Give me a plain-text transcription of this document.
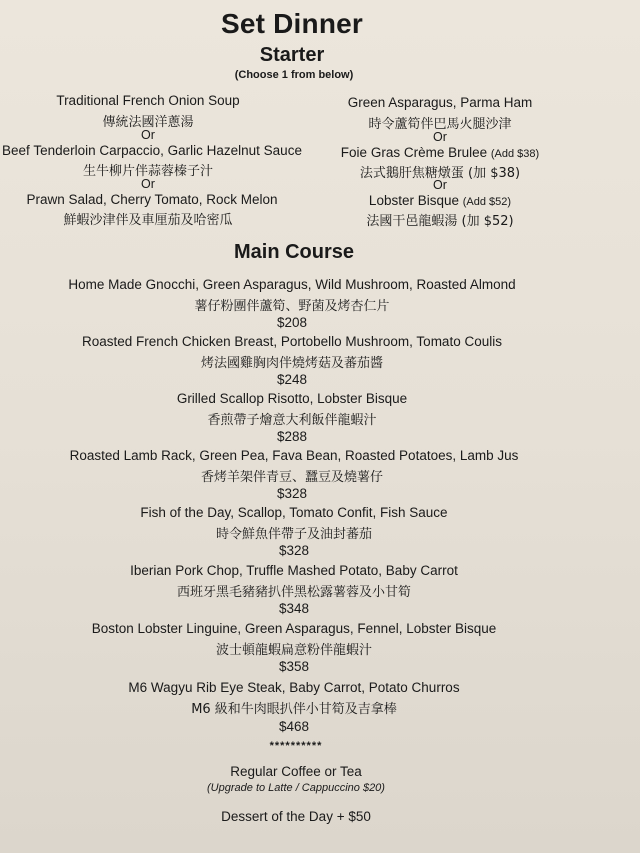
Set Dinner
Starter
(Choose 1 from below)
Traditional French Onion Soup
傳統法國洋蔥湯
Or
Beef Tenderloin Carpaccio, Garlic Hazelnut Sauce
生牛柳片伴蒜蓉榛子汁
Or
Prawn Salad, Cherry Tomato, Rock Melon
鮮蝦沙津伴及車厘茄及哈密瓜
Green Asparagus, Parma Ham
時令蘆筍伴巴馬火腿沙津
Or
Foie Gras Crème Brulee (Add $38)
法式鵝肝焦糖燉蛋 (加 $38)
Or
Lobster Bisque (Add $52)
法國干邑龍蝦湯 (加 $52)
Main Course
Home Made Gnocchi, Green Asparagus, Wild Mushroom, Roasted Almond
薯仔粉團伴蘆筍、野菌及烤杏仁片
$208
Roasted French Chicken Breast, Portobello Mushroom, Tomato Coulis
烤法國雞胸肉伴燒烤菇及蕃茄醬
$248
Grilled Scallop Risotto, Lobster Bisque
香煎帶子燴意大利飯伴龍蝦汁
$288
Roasted Lamb Rack, Green Pea, Fava Bean, Roasted Potatoes, Lamb Jus
香烤羊架伴青豆、蠶豆及燒薯仔
$328
Fish of the Day, Scallop, Tomato Confit, Fish Sauce
時令鮮魚伴帶子及油封蕃茄
$328
Iberian Pork Chop, Truffle Mashed Potato, Baby Carrot
西班牙黑毛豬豬扒伴黑松露薯蓉及小甘筍
$348
Boston Lobster Linguine, Green Asparagus, Fennel, Lobster Bisque
波士頓龍蝦扁意粉伴龍蝦汁
$358
M6 Wagyu Rib Eye Steak, Baby Carrot, Potato Churros
M6 級和牛肉眼扒伴小甘筍及吉拿棒
$468
**********
Regular Coffee or Tea
(Upgrade to Latte / Cappuccino $20)
Dessert of the Day + $50
